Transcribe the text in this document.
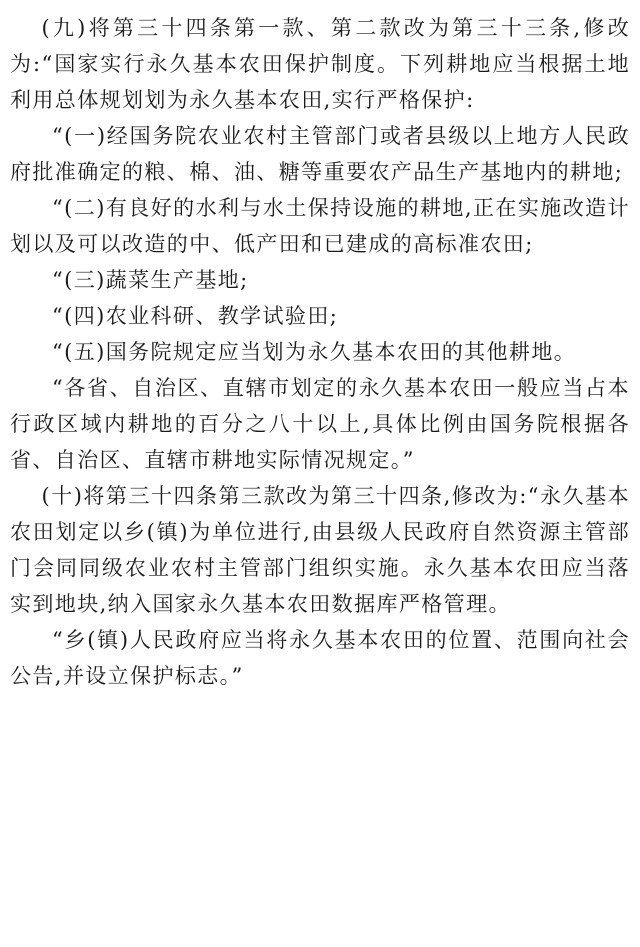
(九)将第三十四条第一款、第二款改为第三十三条,修改为:“国家实行永久基本农田保护制度。下列耕地应当根据土地利用总体规划划为永久基本农田,实行严格保护:

“(一)经国务院农业农村主管部门或者县级以上地方人民政府批准确定的粮、棉、油、糖等重要农产品生产基地内的耕地;

“(二)有良好的水利与水土保持设施的耕地,正在实施改造计划以及可以改造的中、低产田和已建成的高标准农田;

“(三)蔬菜生产基地;

“(四)农业科研、教学试验田;

“(五)国务院规定应当划为永久基本农田的其他耕地。

“各省、自治区、直辖市划定的永久基本农田一般应当占本行政区域内耕地的百分之八十以上,具体比例由国务院根据各省、自治区、直辖市耕地实际情况规定。”

(十)将第三十四条第三款改为第三十四条,修改为:“永久基本农田划定以乡(镇)为单位进行,由县级人民政府自然资源主管部门会同同级农业农村主管部门组织实施。永久基本农田应当落实到地块,纳入国家永久基本农田数据库严格管理。

“乡(镇)人民政府应当将永久基本农田的位置、范围向社会公告,并设立保护标志。”
